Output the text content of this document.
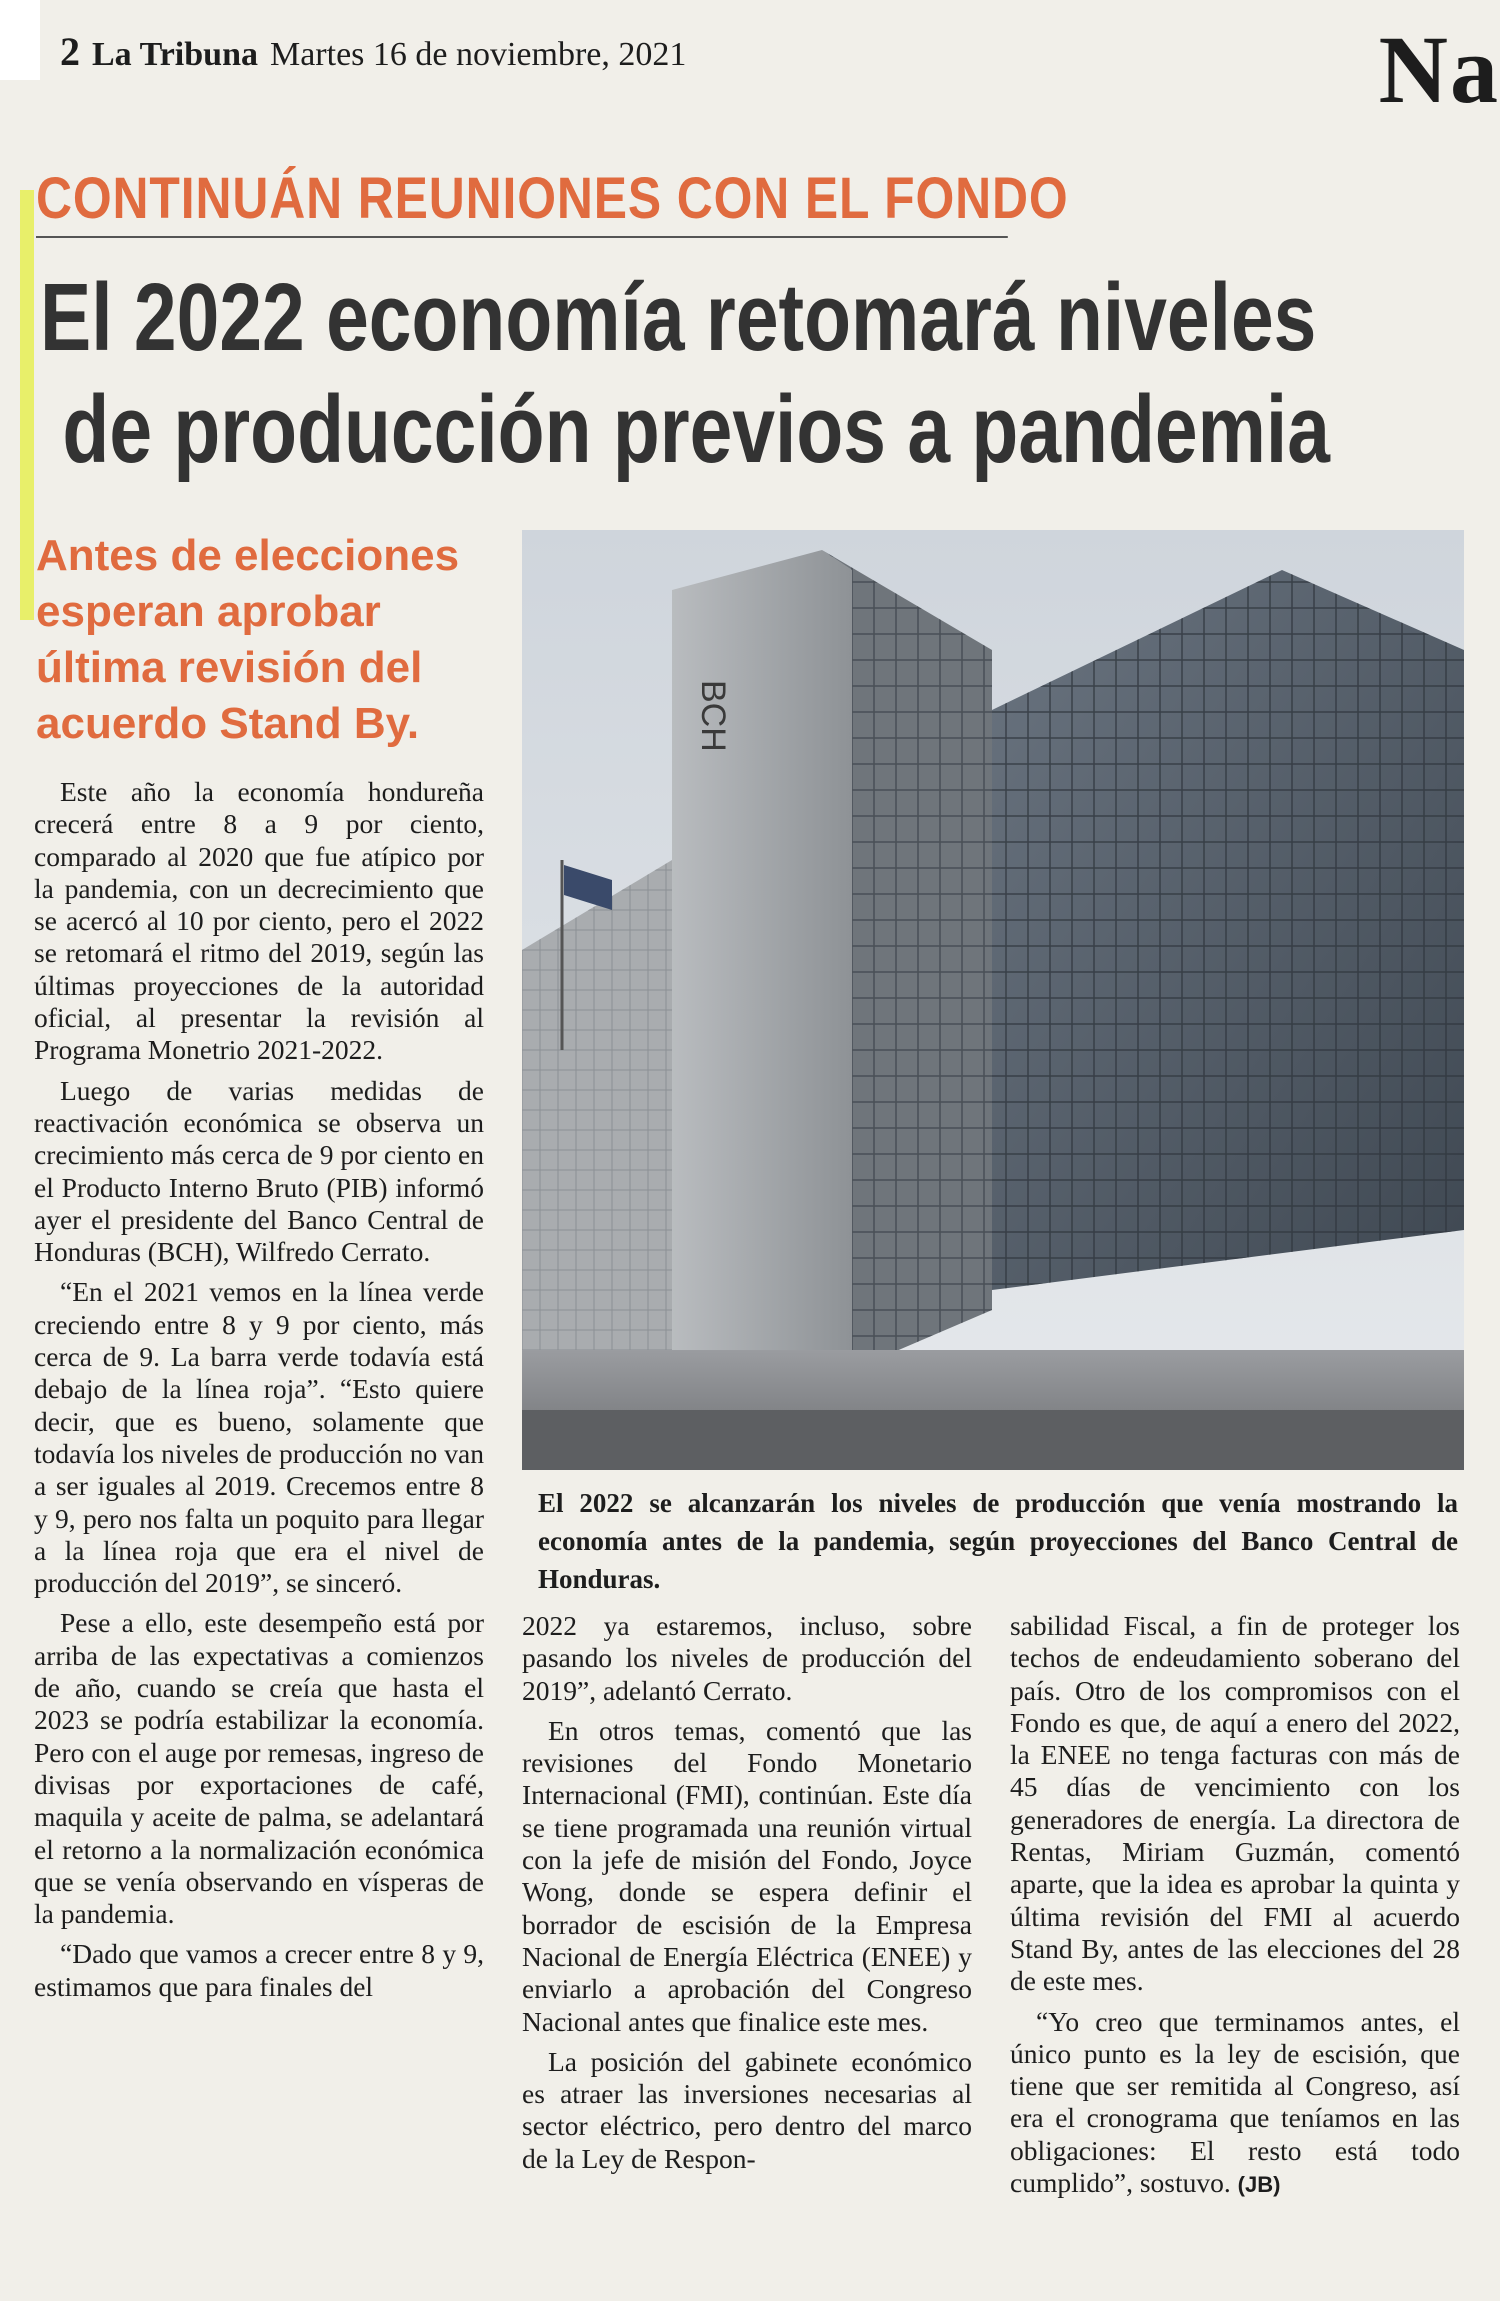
2 La Tribuna Martes 16 de noviembre, 2021	Na
CONTINUÁN REUNIONES CON EL FONDO
El 2022 economía retomará niveles
de producción previos a pandemia
Antes de elecciones esperan aprobar última revisión del acuerdo Stand By.	BCH
El 2022 se alcanzarán los niveles de producción que venía mostrando la economía antes de la pandemia, según proyecciones del Banco Central de Honduras.

Este año la economía hondureña crecerá entre 8 a 9 por ciento, comparado al 2020 que fue atípico por la pandemia, con un decrecimiento que se acercó al 10 por ciento, pero el 2022 se retomará el ritmo del 2019, según las últimas proyecciones de la autoridad oficial, al presentar la revisión al Programa Monetrio 2021-2022.

Luego de varias medidas de reactivación económica se observa un crecimiento más cerca de 9 por ciento en el Producto Interno Bruto (PIB) informó ayer el presidente del Banco Central de Honduras (BCH), Wilfredo Cerrato.

“En el 2021 vemos en la línea verde creciendo entre 8 y 9 por ciento, más cerca de 9. La barra verde todavía está debajo de la línea roja”. “Esto quiere decir, que es bueno, solamente que todavía los niveles de producción no van a ser iguales al 2019. Crecemos entre 8 y 9, pero nos falta un poquito para llegar a la línea roja que era el nivel de producción del 2019”, se sinceró.

Pese a ello, este desempeño está por arriba de las expectativas a comienzos de año, cuando se creía que hasta el 2023 se podría estabilizar la economía. Pero con el auge por remesas, ingreso de divisas por exportaciones de café, maquila y aceite de palma, se adelantará el retorno a la normalización económica que se venía observando en vísperas de la pandemia.

“Dado que vamos a crecer entre 8 y 9, estimamos que para finales del

2022 ya estaremos, incluso, sobre pasando los niveles de producción del 2019”, adelantó Cerrato.

En otros temas, comentó que las revisiones del Fondo Monetario Internacional (FMI), continúan. Este día se tiene programada una reunión virtual con la jefe de misión del Fondo, Joyce Wong, donde se espera definir el borrador de escisión de la Empresa Nacional de Energía Eléctrica (ENEE) y enviarlo a aprobación del Congreso Nacional antes que finalice este mes.

La posición del gabinete económico es atraer las inversiones necesarias al sector eléctrico, pero dentro del marco de la Ley de Respon-

sabilidad Fiscal, a fin de proteger los techos de endeudamiento soberano del país. Otro de los compromisos con el Fondo es que, de aquí a enero del 2022, la ENEE no tenga facturas con más de 45 días de vencimiento con los generadores de energía. La directora de Rentas, Miriam Guzmán, comentó aparte, que la idea es aprobar la quinta y última revisión del FMI al acuerdo Stand By, antes de las elecciones del 28 de este mes.

“Yo creo que terminamos antes, el único punto es la ley de escisión, que tiene que ser remitida al Congreso, así era el cronograma que teníamos en las obligaciones: El resto está todo cumplido”, sostuvo. (JB)
